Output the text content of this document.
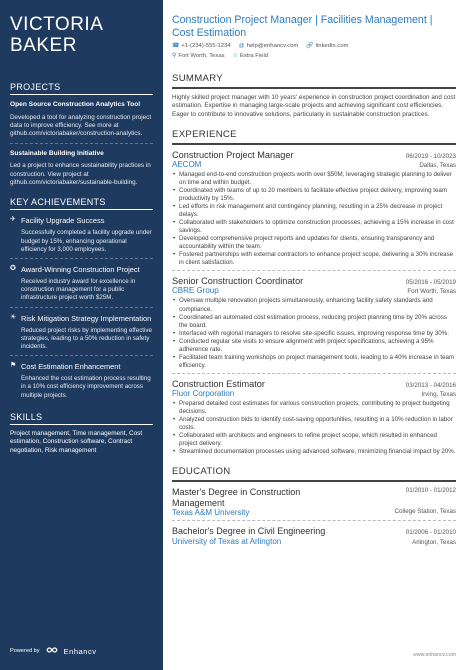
VICTORIA
BAKER
PROJECTS
Open Source Construction Analytics Tool
Developed a tool for analyzing construction project data to improve efficiency. See more at github.com/victoriabaker/construction-analytics.
Sustainable Building Initiative
Led a project to enhance sustainability practices in construction. View project at github.com/victoriabaker/sustainable-building.
KEY ACHIEVEMENTS
✈ Facility Upgrade Success
Successfully completed a facility upgrade under budget by 15%, enhancing operational efficiency for 3,000 employees.
✪ Award-Winning Construction Project
Received industry award for excellence in construction management for a public infrastructure project worth $25M.
☀ Risk Mitigation Strategy Implementation
Reduced project risks by implementing effective strategies, leading to a 50% reduction in safety incidents.
⚑ Cost Estimation Enhancement
Enhanced the cost estimation process resulting in a 10% cost efficiency improvement across multiple projects.
SKILLS
Project management, Time management, Cost estimation, Construction software, Contract negotiation, Risk management
Powered by	Enhancv
Construction Project Manager | Facilities Management | Cost Estimation
☎ +1-(234)-555-1234 @ help@enhancv.com 🔗 linkedin.com
⚲ Fort Worth, Texas ☆ Extra Field
SUMMARY
Highly skilled project manager with 10 years' experience in construction project coordination and cost estimation. Expertise in managing large-scale projects and achieving significant cost efficiencies. Eager to contribute to innovative solutions, particularly in sustainable construction practices.
EXPERIENCE
Construction Project Manager	06/2019 - 10/2023
AECOM	Dallas, Texas
• Managed end-to-end construction projects worth over $50M, leveraging strategic planning to deliver on time and within budget.
• Coordinated with teams of up to 20 members to facilitate effective project delivery, improving team productivity by 15%.
• Led efforts in risk management and contingency planning, resulting in a 25% decrease in project delays.
• Collaborated with stakeholders to optimize construction processes, achieving a 15% increase in cost savings.
• Developed comprehensive project reports and updates for clients, ensuring transparency and accountability within the team.
• Fostered partnerships with external contractors to enhance project scope, delivering a 30% increase in client satisfaction.
Senior Construction Coordinator	05/2016 - 05/2019
CBRE Group	Fort Worth, Texas
• Oversaw multiple renovation projects simultaneously, enhancing facility safety standards and compliance.
• Coordinated an automated cost estimation process, reducing project planning time by 20% across the board.
• Interfaced with regional managers to resolve site-specific issues, improving response time by 30%.
• Conducted regular site visits to ensure alignment with project specifications, achieving a 95% adherence rate.
• Facilitated team training workshops on project management tools, leading to a 40% increase in team efficiency.
Construction Estimator	03/2013 - 04/2016
Fluor Corporation	Irving, Texas
• Prepared detailed cost estimates for various construction projects, contributing to project budgeting decisions.
• Analyzed construction bids to identify cost-saving opportunities, resulting in a 10% reduction in labor costs.
• Collaborated with architects and engineers to refine project scope, which resulted in enhanced project delivery.
• Streamlined documentation processes using advanced software, minimizing financial impact by 20%.
EDUCATION
Master's Degree in Construction Management
01/2010 - 01/2012
Texas A&M University	College Station, Texas
Bachelor's Degree in Civil Engineering	01/2006 - 01/2010
University of Texas at Arlington	Arlington, Texas
www.enhancv.com
